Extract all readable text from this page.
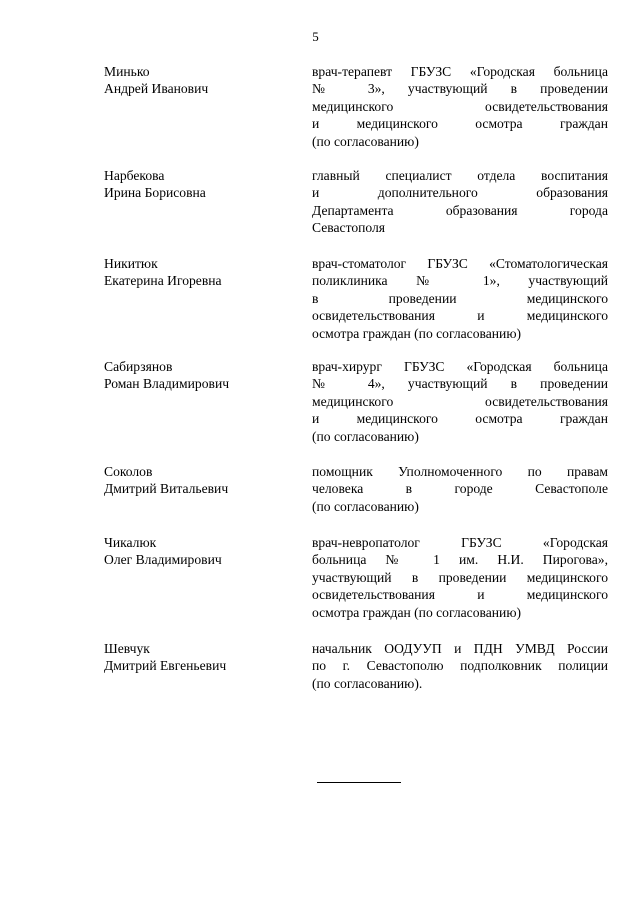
5
Минько
Андрей Иванович
врач-терапевт ГБУЗС «Городская больница
№ 3», участвующий в проведении
медицинского освидетельствования
и медицинского осмотра граждан
(по согласованию)
Нарбекова
Ирина Борисовна
главный специалист отдела воспитания
и дополнительного образования
Департамента образования города
Севастополя
Никитюк
Екатерина Игоревна
врач-стоматолог ГБУЗС «Стоматологическая
поликлиника № 1», участвующий
в проведении медицинского
освидетельствования и медицинского
осмотра граждан (по согласованию)
Сабирзянов
Роман Владимирович
врач-хирург ГБУЗС «Городская больница
№ 4», участвующий в проведении
медицинского освидетельствования
и медицинского осмотра граждан
(по согласованию)
Соколов
Дмитрий Витальевич
помощник Уполномоченного по правам
человека в городе Севастополе
(по согласованию)
Чикалюк
Олег Владимирович
врач-невропатолог ГБУЗС «Городская
больница № 1 им. Н.И. Пирогова»,
участвующий в проведении медицинского
освидетельствования и медицинского
осмотра граждан (по согласованию)
Шевчук
Дмитрий Евгеньевич
начальник ООДУУП и ПДН УМВД России
по г. Севастополю подполковник полиции
(по согласованию).
